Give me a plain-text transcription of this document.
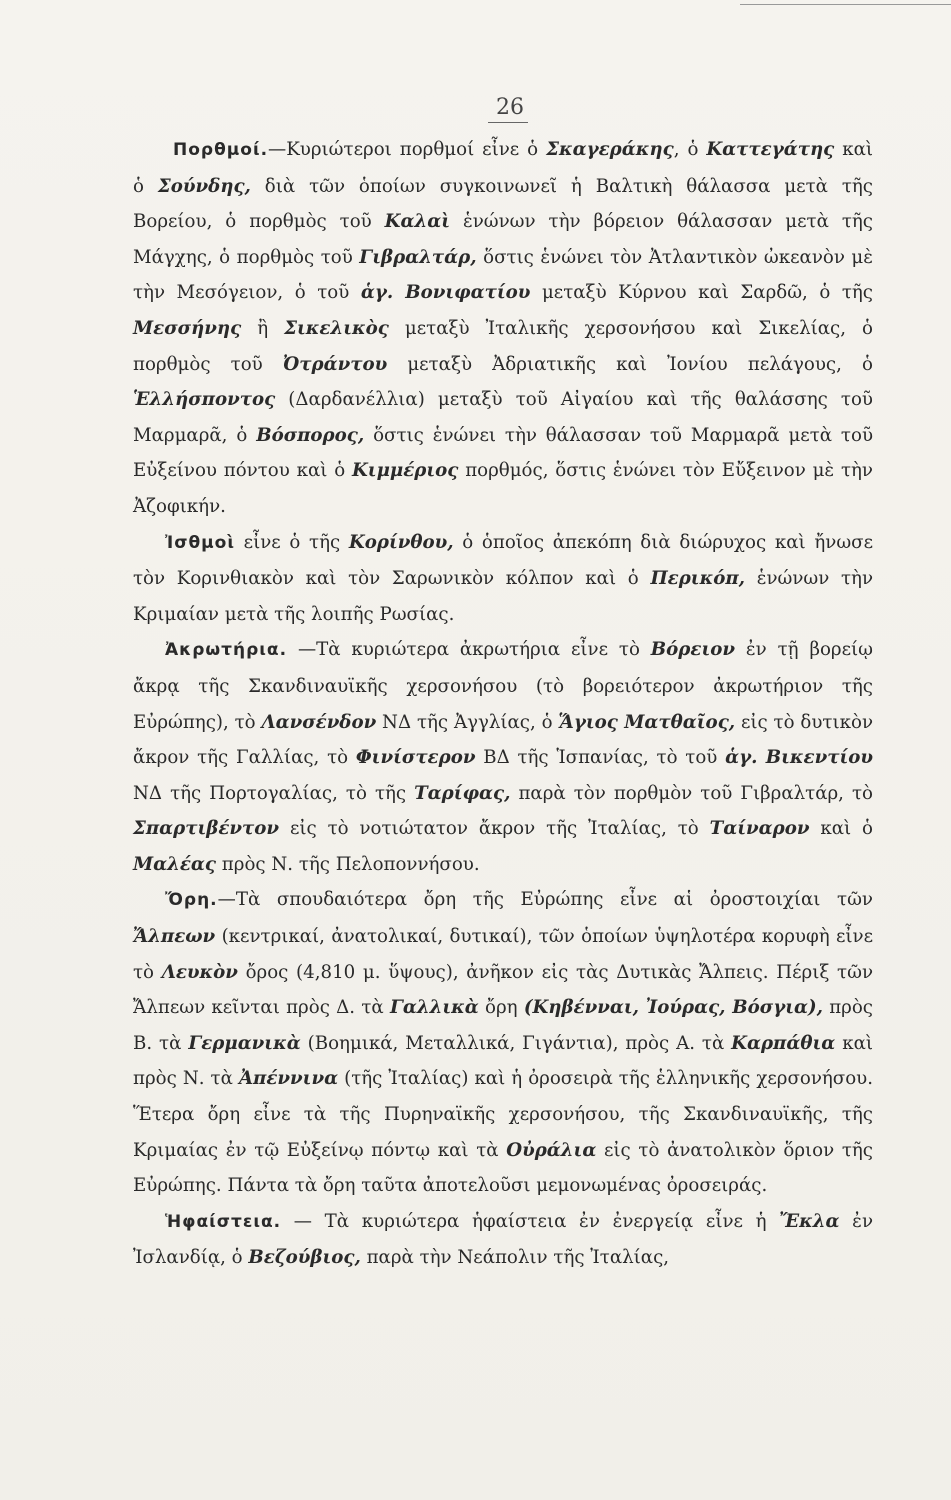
26

Πορθμοί.—Κυριώτεροι πορθμοί εἶνε ὁ Σκαγεράκης, ὁ Καττεγάτης καὶ ὁ Σούνδης, διὰ τῶν ὁποίων συγκοινωνεῖ ἡ Βαλτικὴ θάλασσα μετὰ τῆς Βορείου, ὁ πορθμὸς τοῦ Καλαὶ ἑνώνων τὴν βόρειον θάλασσαν μετὰ τῆς Μάγχης, ὁ πορθμὸς τοῦ Γιβραλτάρ, ὅστις ἑνώνει τὸν Ἀτλαντικὸν ὠκεανὸν μὲ τὴν Μεσόγειον, ὁ τοῦ ἁγ. Βονιφατίου μεταξὺ Κύρνου καὶ Σαρδῶ, ὁ τῆς Μεσσήνης ἢ Σικελικὸς μεταξὺ Ἰταλικῆς χερσονήσου καὶ Σικελίας, ὁ πορθμὸς τοῦ Ὀτράντου μεταξὺ Ἀδριατικῆς καὶ Ἰονίου πελάγους, ὁ Ἑλλήσποντος (Δαρδανέλλια) μεταξὺ τοῦ Αἰγαίου καὶ τῆς θαλάσσης τοῦ Μαρμαρᾶ, ὁ Βόσπορος, ὅστις ἑνώνει τὴν θάλασσαν τοῦ Μαρμαρᾶ μετὰ τοῦ Εὐξείνου πόντου καὶ ὁ Κιμμέριος πορθμός, ὅστις ἑνώνει τὸν Εὔξεινον μὲ τὴν Ἀζοφικήν.

Ἰσθμοὶ εἶνε ὁ τῆς Κορίνθου, ὁ ὁποῖος ἀπεκόπη διὰ διώρυχος καὶ ἤνωσε τὸν Κορινθιακὸν καὶ τὸν Σαρωνικὸν κόλπον καὶ ὁ Περικόπ, ἑνώνων τὴν Κριμαίαν μετὰ τῆς λοιπῆς Ρωσίας.

Ἀκρωτήρια. —Τὰ κυριώτερα ἀκρωτήρια εἶνε τὸ Βόρειον ἐν τῇ βορείῳ ἄκρᾳ τῆς Σκανδιναυϊκῆς χερσονήσου (τὸ βορειότερον ἀκρωτήριον τῆς Εὐρώπης), τὸ Λανσένδον ΝΔ τῆς Ἀγγλίας, ὁ Ἅγιος Ματθαῖος, εἰς τὸ δυτικὸν ἄκρον τῆς Γαλλίας, τὸ Φινίστερον ΒΔ τῆς Ἱσπανίας, τὸ τοῦ ἁγ. Βικεντίου ΝΔ τῆς Πορτογαλίας, τὸ τῆς Ταρίφας, παρὰ τὸν πορθμὸν τοῦ Γιβραλτάρ, τὸ Σπαρτιβέντον εἰς τὸ νοτιώτατον ἄκρον τῆς Ἰταλίας, τὸ Ταίναρον καὶ ὁ Μαλέας πρὸς Ν. τῆς Πελοποννήσου.

Ὄρη.—Τὰ σπουδαιότερα ὄρη τῆς Εὐρώπης εἶνε αἱ ὀροστοιχίαι τῶν Ἄλπεων (κεντρικαί, ἀνατολικαί, δυτικαί), τῶν ὁποίων ὑψηλοτέρα κορυφὴ εἶνε τὸ Λευκὸν ὄρος (4,810 μ. ὕψους), ἀνῆκον εἰς τὰς Δυτικὰς Ἄλπεις. Πέριξ τῶν Ἄλπεων κεῖνται πρὸς Δ. τὰ Γαλλικὰ ὄρη (Κηβένναι, Ἰούρας, Βόσγια), πρὸς Β. τὰ Γερμανικὰ (Βοημικά, Μεταλλικά, Γιγάντια), πρὸς Α. τὰ Καρπάθια καὶ πρὸς Ν. τὰ Ἀπέννινα (τῆς Ἰταλίας) καὶ ἡ ὀροσειρὰ τῆς ἑλληνικῆς χερσονήσου. Ἕτερα ὄρη εἶνε τὰ τῆς Πυρηναϊκῆς χερσονήσου, τῆς Σκανδιναυϊκῆς, τῆς Κριμαίας ἐν τῷ Εὐξείνῳ πόντῳ καὶ τὰ Οὐράλια εἰς τὸ ἀνατολικὸν ὅριον τῆς Εὐρώπης. Πάντα τὰ ὄρη ταῦτα ἀποτελοῦσι μεμονωμένας ὀροσειράς.

Ἡφαίστεια. — Τὰ κυριώτερα ἡφαίστεια ἐν ἐνεργείᾳ εἶνε ἡ Ἔκλα ἐν Ἰσλανδίᾳ, ὁ Βεζούβιος, παρὰ τὴν Νεάπολιν τῆς Ἰταλίας,
